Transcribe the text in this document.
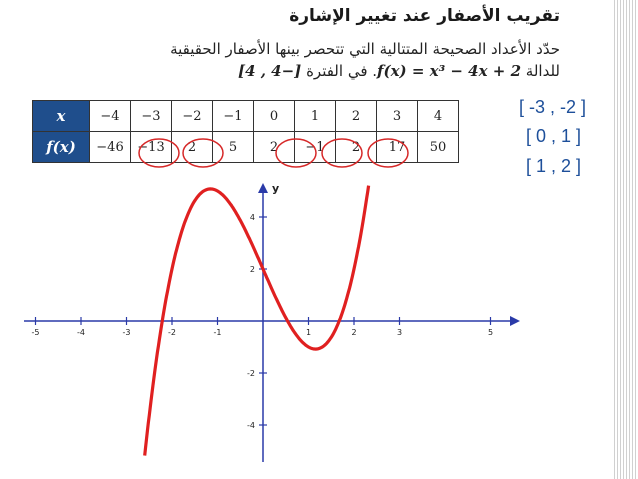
تقريب الأصفار عند تغيير الإشارة
حدّد الأعداد الصحيحة المتتالية التي تتحصر بينها الأصفار الحقيقية
للدالة f(x) = x³ − 4x + 2. في الفترة [−4 , 4]
x	−4	−3	−2	−1	0	1	2	3	4
f(x)	−46	−13	2	5	2	−1	2	17	50
[ -3 , -2 ]
[ 0 , 1 ]
[ 1 , 2 ]
y
-5	-4	-3	-2	-1	1	2	3	5
4
2
-2
-4
